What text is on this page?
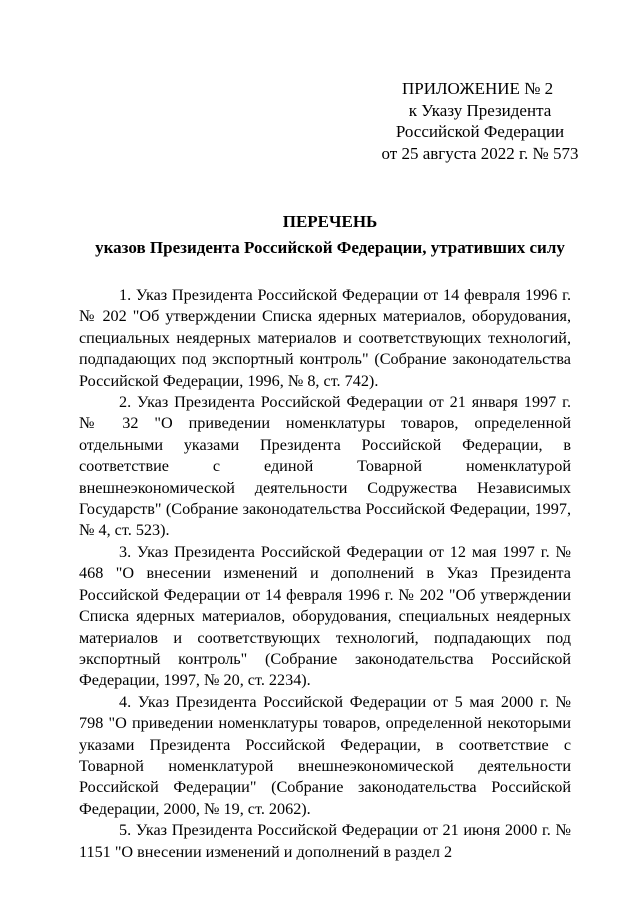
ПРИЛОЖЕНИЕ № 2
к Указу Президента
Российской Федерации
от 25 августа 2022 г. № 573
ПЕРЕЧЕНЬ
указов Президента Российской Федерации, утративших силу

1. Указ Президента Российской Федерации от 14 февраля 1996 г. № 202 "Об утверждении Списка ядерных материалов, оборудования, специальных неядерных материалов и соответствующих технологий, подпадающих под экспортный контроль" (Собрание законодательства Российской Федерации, 1996, № 8, ст. 742).

2. Указ Президента Российской Федерации от 21 января 1997 г. № 32 "О приведении номенклатуры товаров, определенной отдельными указами Президента Российской Федерации, в соответствие с единой Товарной номенклатурой внешнеэкономической деятельности Содружества Независимых Государств" (Собрание законодательства Российской Федерации, 1997, № 4, ст. 523).

3. Указ Президента Российской Федерации от 12 мая 1997 г. № 468 "О внесении изменений и дополнений в Указ Президента Российской Федерации от 14 февраля 1996 г. № 202 "Об утверждении Списка ядерных материалов, оборудования, специальных неядерных материалов и соответствующих технологий, подпадающих под экспортный контроль" (Собрание законодательства Российской Федерации, 1997, № 20, ст. 2234).

4. Указ Президента Российской Федерации от 5 мая 2000 г. № 798 "О приведении номенклатуры товаров, определенной некоторыми указами Президента Российской Федерации, в соответствие с Товарной номенклатурой внешнеэкономической деятельности Российской Федерации" (Собрание законодательства Российской Федерации, 2000, № 19, ст. 2062).

5. Указ Президента Российской Федерации от 21 июня 2000 г. № 1151 "О внесении изменений и дополнений в раздел 2
